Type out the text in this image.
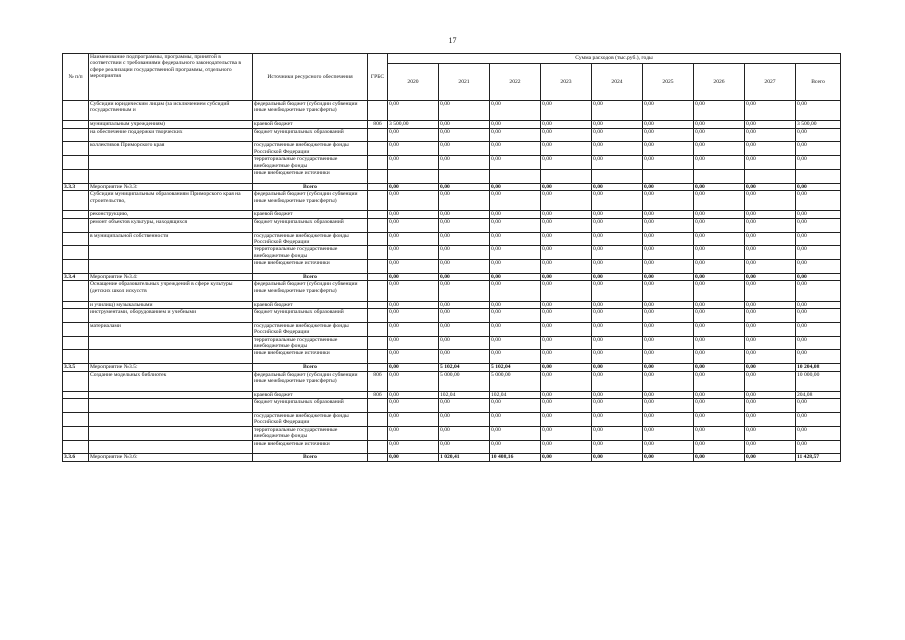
17
№ п/п	Наименование подпрограммы, программы, принятой в соответствии с требованиями федерального законодательства в сфере реализации государственной программы, отдельного мероприятия	Источники ресурсного обеспечения	ГРБС	Сумма расходов (тыс.руб.), годы								
				2020	2021	2022	2023	2024	2025	2026	2027	Всего
	Субсидии юридическим лицам (за исключением субсидий государственным и	федеральный бюджет (субсидии субвенции иные межбюджетные трансферты)		0,00	0,00	0,00	0,00	0,00	0,00	0,00	0,00	0,00
	муниципальным учреждениям)	краевой бюджет	806	3 500,00	0,00	0,00	0,00	0,00	0,00	0,00	0,00	3 500,00
	на обеспечение поддержки творческих	бюджет муниципальных образований		0,00	0,00	0,00	0,00	0,00	0,00	0,00	0,00	0,00
	коллективов Приморского края	государственные внебюджетные фонды Российской Федерации		0,00	0,00	0,00	0,00	0,00	0,00	0,00	0,00	0,00
		территориальные государственные внебюджетные фонды		0,00	0,00	0,00	0,00	0,00	0,00	0,00	0,00	0,00
		иные внебюджетные источники										
3.3.3	Мероприятие №3.3:	Всего		0,00	0,00	0,00	0,00	0,00	0,00	0,00	0,00	0,00
	Субсидии муниципальным образованиям Приморского края на строительство,	федеральный бюджет (субсидии субвенции иные межбюджетные трансферты)		0,00	0,00	0,00	0,00	0,00	0,00	0,00	0,00	0,00
	реконструкцию,	краевой бюджет		0,00	0,00	0,00	0,00	0,00	0,00	0,00	0,00	0,00
	ремонт объектов культуры, находящихся	бюджет муниципальных образований		0,00	0,00	0,00	0,00	0,00	0,00	0,00	0,00	0,00
	в муниципальной собственности	государственные внебюджетные фонды Российской Федерации		0,00	0,00	0,00	0,00	0,00	0,00	0,00	0,00	0,00
		территориальные государственные внебюджетные фонды		0,00	0,00	0,00	0,00	0,00	0,00	0,00	0,00	0,00
		иные внебюджетные источники		0,00	0,00	0,00	0,00	0,00	0,00	0,00	0,00	0,00
3.3.4	Мероприятие №3.4:	Всего		0,00	0,00	0,00	0,00	0,00	0,00	0,00	0,00	0,00
	Оснащение образовательных учреждений в сфере культуры (детских школ искусств	федеральный бюджет (субсидии субвенции иные межбюджетные трансферты)		0,00	0,00	0,00	0,00	0,00	0,00	0,00	0,00	0,00
	и училищ) музыкальными	краевой бюджет		0,00	0,00	0,00	0,00	0,00	0,00	0,00	0,00	0,00
	инструментами, оборудованием и учебными	бюджет муниципальных образований		0,00	0,00	0,00	0,00	0,00	0,00	0,00	0,00	0,00
	материалами	государственные внебюджетные фонды Российской Федерации		0,00	0,00	0,00	0,00	0,00	0,00	0,00	0,00	0,00
		территориальные государственные внебюджетные фонды		0,00	0,00	0,00	0,00	0,00	0,00	0,00	0,00	0,00
		иные внебюджетные источники		0,00	0,00	0,00	0,00	0,00	0,00	0,00	0,00	0,00
3.3.5	Мероприятие №3.5:	Всего		0,00	5 102,04	5 102,04	0,00	0,00	0,00	0,00	0,00	10 204,08
	Создание модельных библиотек	федеральный бюджет (субсидии субвенции иные межбюджетные трансферты)	806	0,00	5 000,00	5 000,00	0,00	0,00	0,00	0,00	0,00	10 000,00
		краевой бюджет	806	0,00	102,04	102,04	0,00	0,00	0,00	0,00	0,00	204,08
		бюджет муниципальных образований		0,00	0,00	0,00	0,00	0,00	0,00	0,00	0,00	0,00
		государственные внебюджетные фонды Российской Федерации		0,00	0,00	0,00	0,00	0,00	0,00	0,00	0,00	0,00
		территориальные государственные внебюджетные фонды		0,00	0,00	0,00	0,00	0,00	0,00	0,00	0,00	0,00
		иные внебюджетные источники		0,00	0,00	0,00	0,00	0,00	0,00	0,00	0,00	0,00
3.3.6	Мероприятие №3.6:	Всего		0,00	1 020,41	10 408,16	0,00	0,00	0,00	0,00	0,00	11 428,57
